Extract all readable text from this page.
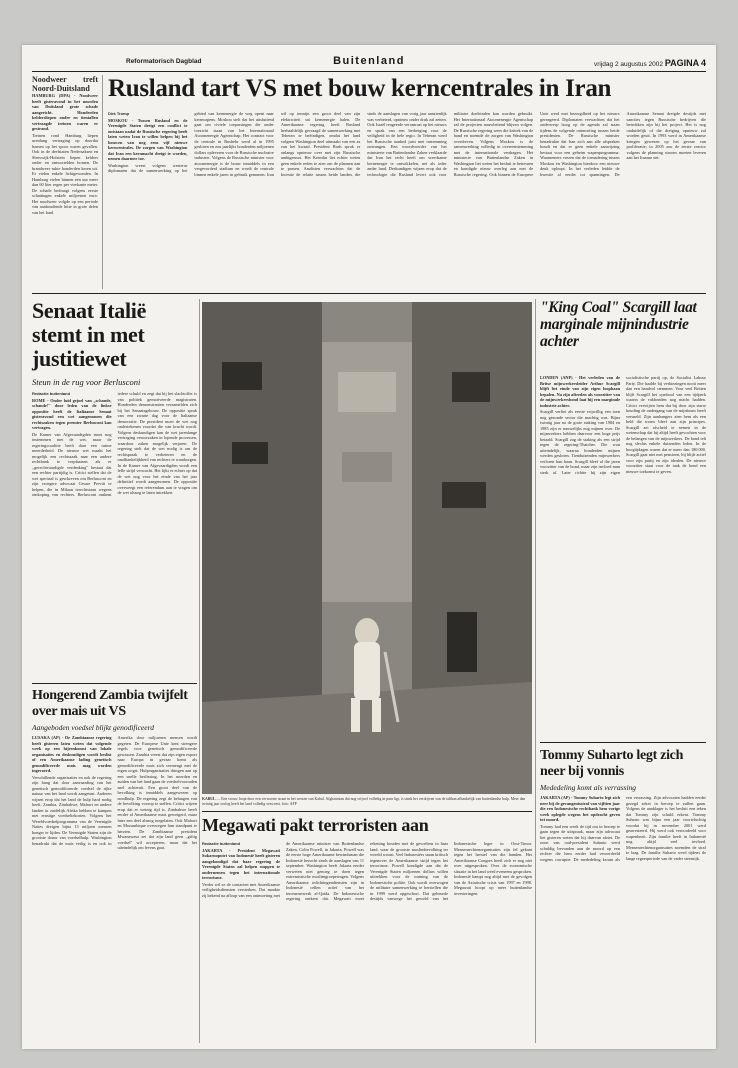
Reformatorisch Dagblad	Buitenland	vrijdag 2 augustus 2002 PAGINA 4
Noodweer treft Noord-Duitsland

HAMBURG (DPA) - Noodweer heeft gisteravond in het noorden van Duitsland grote schade aangericht. Honderden keldersliepen onder en tientallen vertraagde treinen waren er gestrand.

Treinen rond Hamburg liepen urenlang vertraging op doordat bomen op het spoor waren gevallen. Ook in de deelstaten Nedersaksen en Sleeswijk-Holstein liepen kelders onder en ontwortelden bomen. De brandweer rukte honderden keren uit. Er vielen enkele lichtgewonden. In Hamburg vielen binnen een uur meer dan 60 liter regen per vierkante meter. De schade bedraagt volgens eerste schattingen enkele miljoenen euro. Het noodweer volgde op een periode van aanhoudende hitte in grote delen van het land.

Rusland tart VS met bouw kerncentrales in Iran

Dirk Tromp

MOSKOU - Tussen Rusland en de Verenigde Staten dreigt een conflict te ontstaan nadat de Russische regering heeft laten weten Iran te willen helpen bij het bouwen van nog eens vijf nieuwe kerncentrales. De zorgen van Washington dat Iran een kernmacht dreigt te worden, nemen daarmee toe.

Washington vreest volgens westerse diplomaten dat de samenwerking op het gebied van kernenergie de weg opent naar kernwapens. Moskou stelt dat het uitsluitend gaat om civiele toepassingen die onder toezicht staan van het Internationaal Atoomenergie Agentschap. Het contract voor de centrale in Bushehr werd al in 1995 gesloten en zou jaarlijks honderden miljoenen dollars opleveren voor de Russische nucleaire industrie. Volgens de Russische minister voor atoomenergie is de bouw inmiddels in een vergevorderd stadium en wordt de centrale binnen enkele jaren in gebruik genomen. Iran wil op termijn een groot deel van zijn elektriciteit uit kernenergie halen. De Amerikaanse regering heeft Rusland herhaaldelijk gevraagd de samenwerking met Teheran te beëindigen, omdat het land volgens Washington deel uitmaakt van een as van het kwaad. President Bush sprak er onlangs opnieuw over met zijn Russische ambtgenoot. Het Kremlin liet echter weten geen enkele reden te zien om de plannen aan te passen. Analisten verwachten dat de kwestie de relatie tussen beide landen, die sinds de aanslagen van vorig jaar aanzienlijk was verbeterd, opnieuw onder druk zal zetten. Ook Israël reageerde verontrust op het nieuws en sprak van een bedreiging voor de veiligheid in de hele regio. In Teheran werd het Russische aanbod juist met instemming ontvangen. Een woordvoerder van het ministerie van Buitenlandse Zaken verklaarde dat Iran het recht heeft om vreedzame kernenergie te ontwikkelen, net als ieder ander land. Deskundigen wijzen erop dat de technologie die Rusland levert ook voor militaire doeleinden kan worden gebruikt. Het Internationaal Atoomenergie Agentschap zal de projecten nauwlettend blijven volgen. De Russische regering wees die kritiek van de hand en noemde de zorgen van Washington overdreven. Volgens Moskou is de samenwerking volledig in overeenstemming met de internationale verdragen. Het ministerie van Buitenlandse Zaken in Washington liet weten het besluit te betreuren en kondigde nieuw overleg aan met de Russische regering. Ook binnen de Europese Unie werd met bezorgdheid op het nieuws gereageerd. Diplomaten verwachten dat het onderwerp hoog op de agenda zal staan tijdens de volgende ontmoeting tussen beide presidenten. De Russische minister benadrukte dat Iran zich aan alle afspraken houdt en dat er geen enkele aanwijzing bestaat voor een geheim wapenprogramma. Waarnemers vrezen dat de toenadering tussen Moskou en Washington hierdoor een nieuwe deuk oploopt. In het verleden leidde de kwestie al eerder tot spanningen. De Amerikaanse Senaat dreigde destijds met sancties tegen Russische bedrijven die betrokken zijn bij het project. Het is nog onduidelijk of die dreiging opnieuw zal worden geuit. In 1993 werd in Amerikaanse kringen gewezen op het gevaar van proliferatie; in 2005 zou de eerste reactor volgens de planning stroom moeten leveren aan het Iraanse net.

Senaat Italië stemt in met justitiewet
Steun in de rug voor Berlusconi

Redactie buitenland

ROME - Onder luid gejoel van ,,schande, schande!'' door leden van de linkse oppositie heeft de Italiaanse Senaat gisteravond een wet aangenomen die rechtszaken tegen premier Berlusconi kan vertragen.

De Kamer van Afgevaardigden moet nog instemmen met de wet, maar de regeringscoalitie heeft daar een ruime meerderheid. De nieuwe wet maakt het mogelijk een rechtszaak naar een andere rechtbank te verplaatsen als er ,,gerechtvaardigde verdenking'' bestaat dat een rechter partijdig is. Critici stellen dat de wet speciaal is geschreven om Berlusconi en zijn vroegere advocaat Cesare Previti te helpen, die in Milaan terechtstaan wegens omkoping van rechters. Berlusconi ontkent iedere schuld en zegt dat hij het slachtoffer is van politiek gemotiveerde magistraten. Honderden demonstranten verzamelden zich bij het Senaatsgebouw. De oppositie sprak van een zwarte dag voor de Italiaanse democratie. De president moet de wet nog ondertekenen voordat die van kracht wordt. Volgens deskundigen kan de wet jarenlange vertraging veroorzaken in lopende processen, waardoor zaken mogelijk verjaren. De regering stelt dat de wet nodig is om de rechtspraak te verbeteren en de onafhankelijkheid van rechters te waarborgen. In de Kamer van Afgevaardigden wordt een felle strijd verwacht. Het lijkt er echter op dat de wet nog voor het einde van het jaar definitief wordt aangenomen. De oppositie overweegt een referendum aan te vragen om de wet alsnog te laten intrekken.

Hongerend Zambia twijfelt over mais uit VS
Aangeboden voedsel blijkt genodificeerd

LUSAKA (AP) - De Zambiaanse regering heeft gisteren laten weten dat volgende week op een bijeenkomst van lokale organisaties en deskundigen wordt beslist of een Amerikaanse lading genetisch gemodificeerde mais mag worden ingevoerd.

Verschillende organisaties en ook de regering zijn bang dat door aanvaarding van het genetisch gemodificeerde voedsel de rijke natuur van het land wordt aangetast. Anderen wijzen erop dat het land de hulp hard nodig heeft. Zambia, Zimbabwe, Malawi en andere landen in zuidelijk Afrika hebben te kampen met ernstige voedseltekorten. Volgens het Wereldvoedselprogramma van de Verenigde Naties dreigen bijna 13 miljoen mensen honger te lijden. De Verenigde Staten zijn de grootste donor van voedselhulp. Washington benadrukt dat de mais veilig is en ook in Amerika door miljoenen mensen wordt gegeten. De Europese Unie kent strengere regels voor genetisch gemodificeerde gewassen. Zambia vreest dat zijn eigen export naar Europa in gevaar komt als gemodificeerde mais zich vermengt met de eigen oogst. Hulporganisaties dringen aan op een snelle beslissing. In het noorden en zuiden van het land gaan de voedselvoorraden snel achteruit. Een groot deel van de bevolking is inmiddels aangewezen op noodhulp. De regering zegt de belangen van de bevolking voorop te stellen. Critici wijzen erop dat er weinig tijd is. Zimbabwe heeft eerder al Amerikaanse mais geweigerd, maar later een deel alsnog toegelaten. Ook Malawi en Mozambique overwegen hun standpunt te herzien. De Zambiaanse president Mwanawasa zei dat zijn land geen ,,giftig voedsel'' wil accepteren, maar dat het uiteindelijk om levens gaat.

KABUL — Een vrouw loopt door een verwoeste straat in het westen van Kabul. Afghanistan dat nog vrijwel volledig in puin ligt, is sinds het verdrijven van de taliban afhankelijk van buitenlandse hulp. Meer dan twintig jaar oorlog heeft het land volledig verwoest. foto: AFP
Megawati pakt terroristen aan

Redactie buitenland

JAKARTA - President Megawati Sukarnoputri van Indonesië heeft gisteren aangekondigd dat haar regering de Verenigde Staten zal helpen stappen te ondernemen tegen het internationale terrorisme.

Verder wil ze de contacten met Amerikaanse veiligheidsdiensten versterken. Dat maakte zij bekend na afloop van een ontmoeting met de Amerikaanse minister van Buitenlandse Zaken, Colin Powell, in Jakarta. Powell was de eerste hoge Amerikaanse bewindsman die Indonesië bezocht sinds de aanslagen van 11 september. Washington heeft Jakarta eerder verweten niet genoeg te doen tegen extremistische moslimgroeperingen. Volgens Amerikaanse inlichtingendiensten zijn in Indonesië cellen actief van het terreurnetwerk al-Qaida. De Indonesische regering ontkent dat. Megawati moet rekening houden met de gevoelens in haar land, waar de grootste moslimbevolking ter wereld woont. Veel Indonesiërs staan kritisch tegenover de Amerikaanse strijd tegen het terrorisme. Powell kondigde aan dat de Verenigde Staten miljoenen dollars willen uittrekken voor de training van de Indonesische politie. Ook wordt overwogen de militaire samenwerking te herstellen die in 1999 werd opgeschort. Dat gebeurde destijds vanwege het geweld van het Indonesische leger in Oost-Timor. Mensenrechtenorganisaties zijn fel gekant tegen het herstel van die banden. Het Amerikaanse Congres heeft zich er nog niet over uitgesproken. Over de economische situatie in het land werd eveneens gesproken. Indonesië kampt nog altijd met de gevolgen van de Aziatische crisis van 1997 en 1998. Megawati hoopt op meer buitenlandse investeringen.

"King Coal" Scargill laat marginale mijnindustrie achter

LONDEN (ANP) - Het verleden van de Britse mijnwerkersleider Arthur Scargill blijft het einde van zijn eigen loopbaan bepalen. Na zijn aftreden als voorzitter van de mijnwerkersbond laat hij een marginale industrie achter.

Scargill verliet als eerste vrijwillig een toen nog gezonde sector die machtig was. Bijna twintig jaar na de grote staking van 1984 en 1985 zijn er nauwelijks nog mijnen over. De mijnwerkers hebben daarvoor een hoge prijs betaald. Scargill zag de staking als een strijd tegen de regering-Thatcher. Die won uiteindelijk, waarna honderden mijnen werden gesloten. Tienduizenden mijnwerkers verloren hun baan. Scargill bleef al die jaren voorzitter van de bond, maar zijn invloed nam sterk af. Later richtte hij zijn eigen socialistische partij op, de Socialist Labour Party. Die haalde bij verkiezingen nooit meer dan een handvol stemmen. Voor veel Britten blijft Scargill het symbool van een tijdperk waarin de vakbonden nog macht hadden. Critici verwijten hem dat hij door zijn starre houding de ondergang van de mijnbouw heeft versneld. Zijn aanhangers zien hem als een held die trouw bleef aan zijn principes. Scargill zei afscheid te nemen in de wetenschap dat hij altijd heeft gevochten voor de belangen van de mijnwerkers. De bond telt nog slechts enkele duizenden leden. In de hoogtijdagen waren dat er meer dan 180.000. Scargill gaat niet met pensioen, hij blijft actief voor zijn partij en zijn idealen. De nieuwe voorzitter staat voor de taak de bond een nieuwe toekomst te geven.

Tommy Suharto legt zich neer bij vonnis
Mededeling komt als verrassing

JAKARTA (AP) - Tommy Suharto legt zich neer bij de gevangenisstraf van vijftien jaar die een Indonesische rechtbank hem vorige week oplegde wegens het opdracht geven tot moord.

Tommy had een week de tijd om in beroep te gaan tegen de uitspraak, maar zijn advocaat liet gisteren weten dat hij daarvan afziet. De zoon van oud-president Suharto werd schuldig bevonden aan de moord op een rechter die hem eerder had veroordeeld wegens corruptie. De mededeling kwam als een verrassing. Zijn advocaten hadden eerder gezegd zeker in beroep te zullen gaan. Volgens de aanklager is het besluit een teken dat Tommy zijn schuld erkent. Tommy Suharto was bijna een jaar voortvluchtig voordat hij in november 2001 werd gearresteerd. Hij werd ook veroordeeld voor wapenbezit. Zijn familie heeft in Indonesië nog altijd veel invloed. Mensenrechtenorganisaties noemden de straf te laag. De familie Suharto werd tijdens de lange regeerperiode van de vader steenrijk.
